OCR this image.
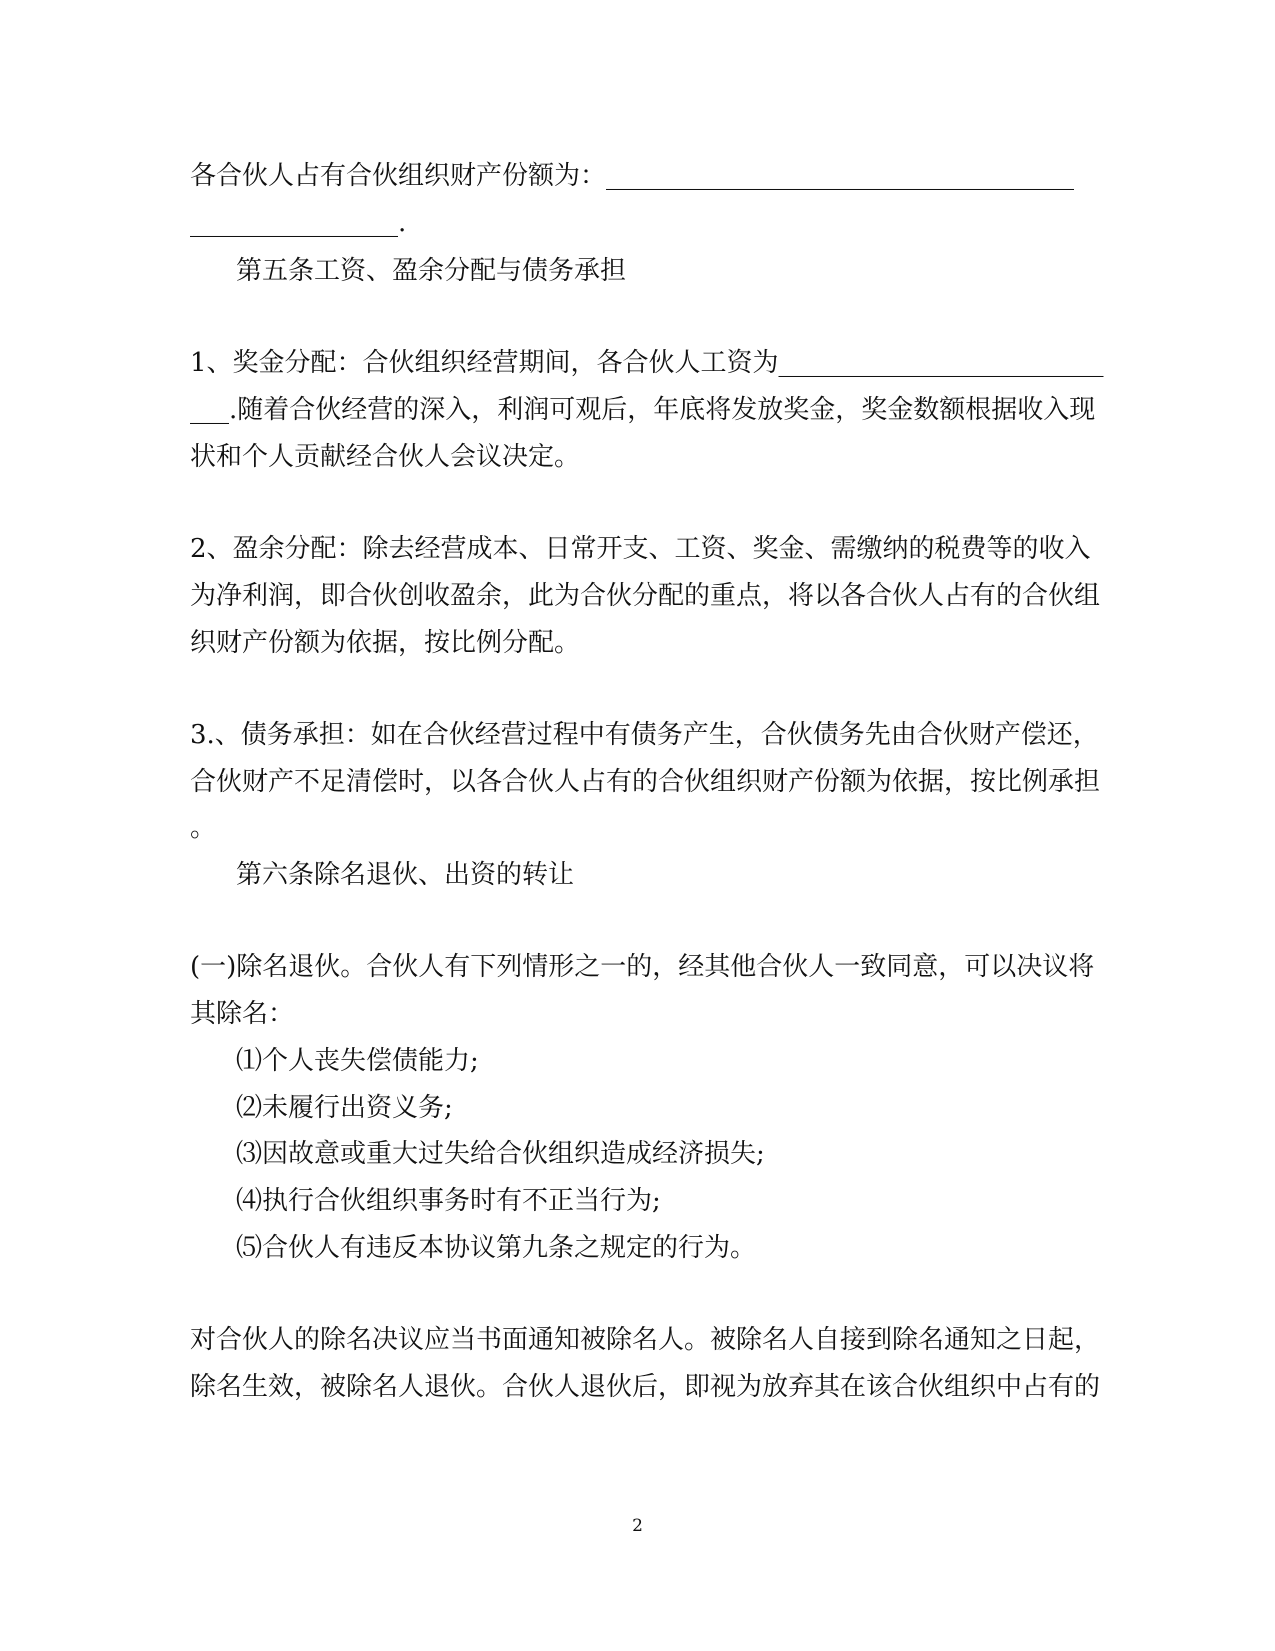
各合伙人占有合伙组织财产份额为：____________________________________
________________.
第五条工资、盈余分配与债务承担
1、奖金分配：合伙组织经营期间，各合伙人工资为_________________________
___.随着合伙经营的深入，利润可观后，年底将发放奖金，奖金数额根据收入现
状和个人贡献经合伙人会议决定。
2、盈余分配：除去经营成本、日常开支、工资、奖金、需缴纳的税费等的收入
为净利润，即合伙创收盈余，此为合伙分配的重点，将以各合伙人占有的合伙组
织财产份额为依据，按比例分配。
3.、债务承担：如在合伙经营过程中有债务产生，合伙债务先由合伙财产偿还，
合伙财产不足清偿时，以各合伙人占有的合伙组织财产份额为依据，按比例承担
。
第六条除名退伙、出资的转让
(一)除名退伙。合伙人有下列情形之一的，经其他合伙人一致同意，可以决议将
其除名：
⑴个人丧失偿债能力;
⑵未履行出资义务;
⑶因故意或重大过失给合伙组织造成经济损失;
⑷执行合伙组织事务时有不正当行为;
⑸合伙人有违反本协议第九条之规定的行为。
对合伙人的除名决议应当书面通知被除名人。被除名人自接到除名通知之日起，
除名生效，被除名人退伙。合伙人退伙后，即视为放弃其在该合伙组织中占有的
2
